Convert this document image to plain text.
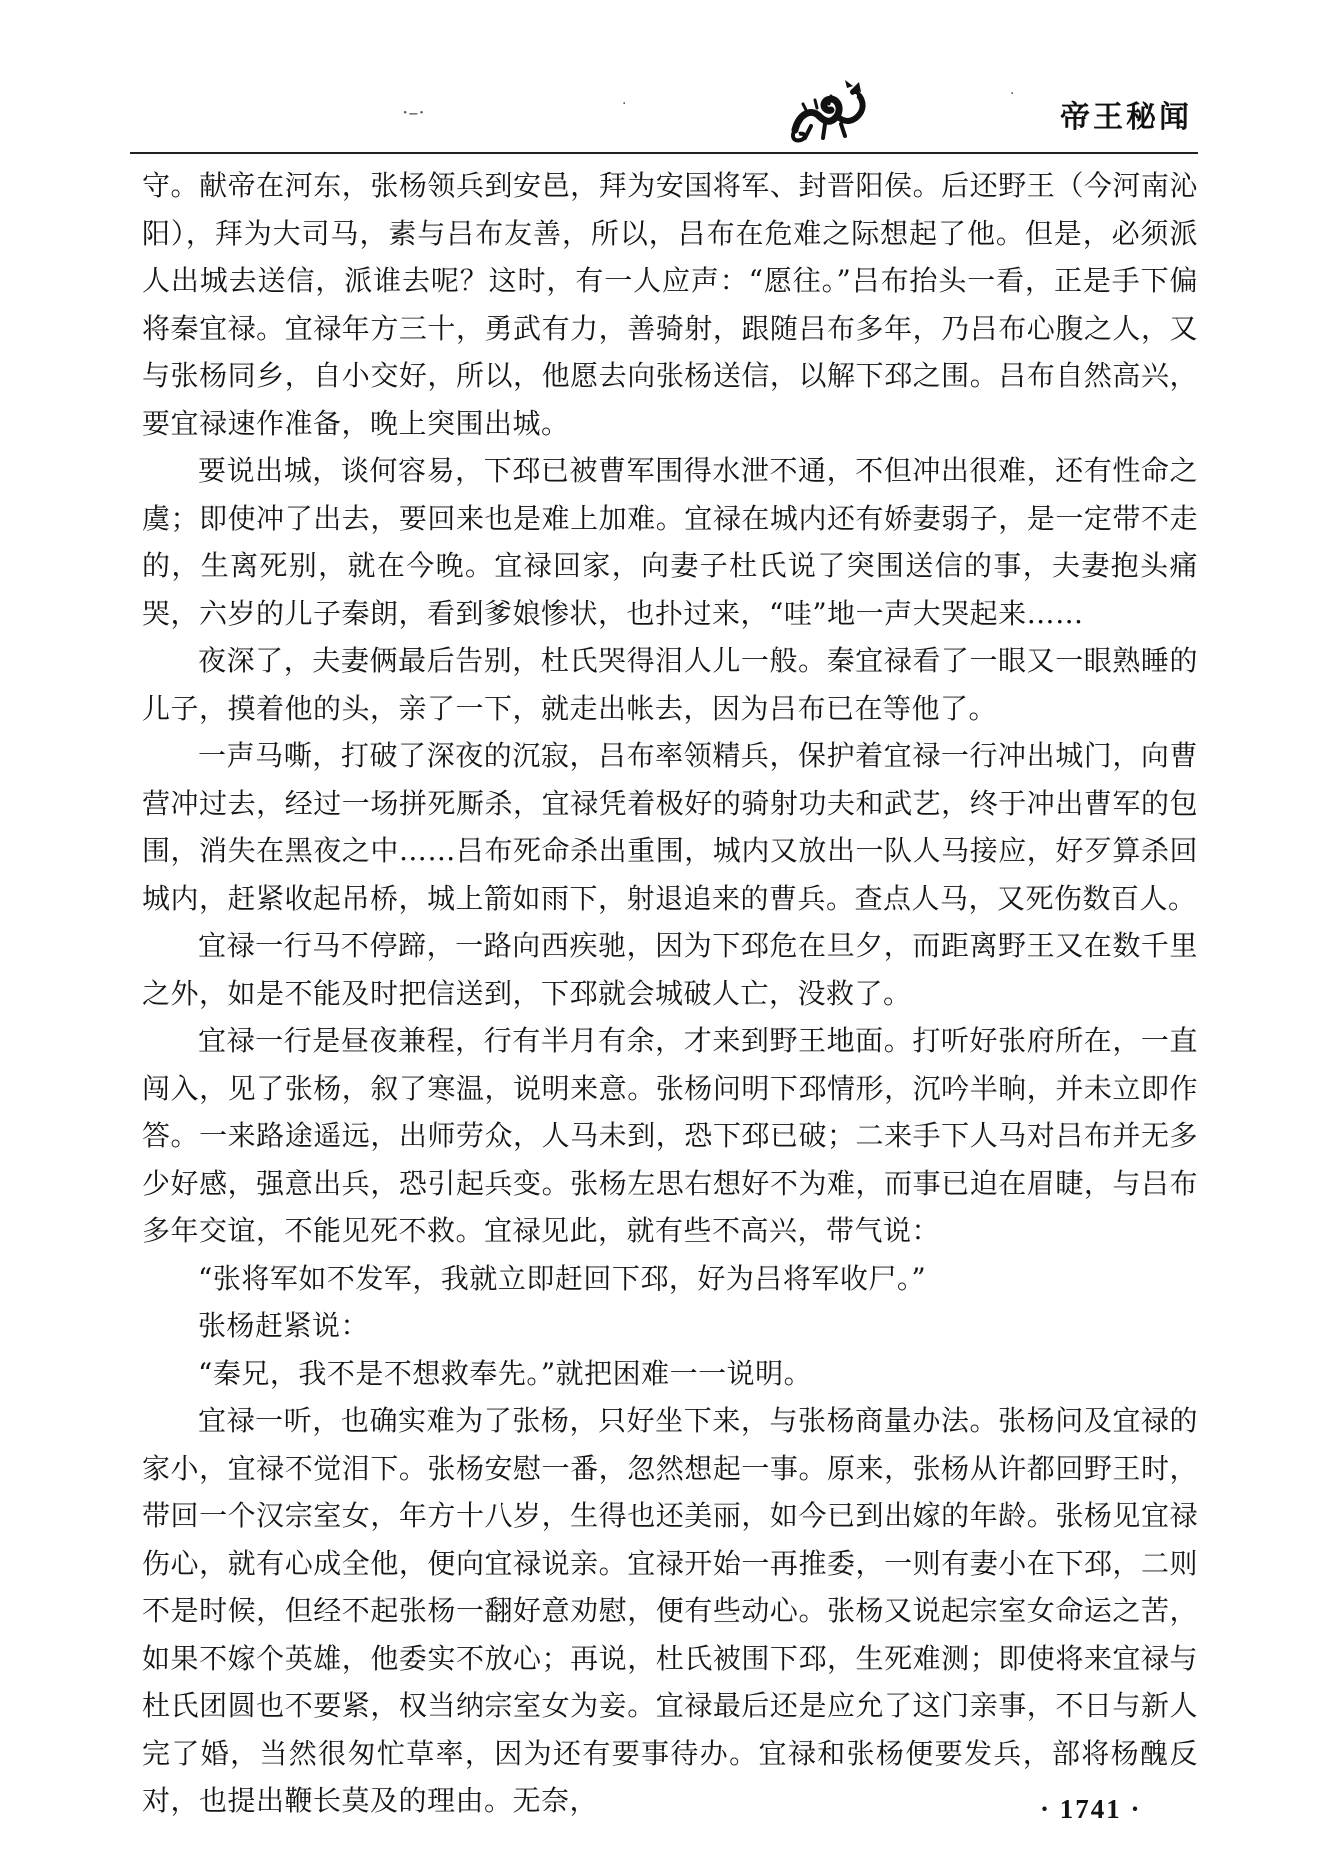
·–·	·
·
帝王秘闻

守。献帝在河东，张杨领兵到安邑，拜为安国将军、封晋阳侯。后还野王（今河南沁阳），拜为大司马，素与吕布友善，所以，吕布在危难之际想起了他。但是，必须派人出城去送信，派谁去呢？这时，有一人应声：“愿往。”吕布抬头一看，正是手下偏将秦宜禄。宜禄年方三十，勇武有力，善骑射，跟随吕布多年，乃吕布心腹之人，又与张杨同乡，自小交好，所以，他愿去向张杨送信，以解下邳之围。吕布自然高兴，要宜禄速作准备，晚上突围出城。

要说出城，谈何容易，下邳已被曹军围得水泄不通，不但冲出很难，还有性命之虞；即使冲了出去，要回来也是难上加难。宜禄在城内还有娇妻弱子，是一定带不走的，生离死别，就在今晚。宜禄回家，向妻子杜氏说了突围送信的事，夫妻抱头痛哭，六岁的儿子秦朗，看到爹娘惨状，也扑过来，“哇”地一声大哭起来……

夜深了，夫妻俩最后告别，杜氏哭得泪人儿一般。秦宜禄看了一眼又一眼熟睡的儿子，摸着他的头，亲了一下，就走出帐去，因为吕布已在等他了。

一声马嘶，打破了深夜的沉寂，吕布率领精兵，保护着宜禄一行冲出城门，向曹营冲过去，经过一场拼死厮杀，宜禄凭着极好的骑射功夫和武艺，终于冲出曹军的包围，消失在黑夜之中……吕布死命杀出重围，城内又放出一队人马接应，好歹算杀回城内，赶紧收起吊桥，城上箭如雨下，射退追来的曹兵。查点人马，又死伤数百人。

宜禄一行马不停蹄，一路向西疾驰，因为下邳危在旦夕，而距离野王又在数千里之外，如是不能及时把信送到，下邳就会城破人亡，没救了。

宜禄一行是昼夜兼程，行有半月有余，才来到野王地面。打听好张府所在，一直闯入，见了张杨，叙了寒温，说明来意。张杨问明下邳情形，沉吟半晌，并未立即作答。一来路途遥远，出师劳众，人马未到，恐下邳已破；二来手下人马对吕布并无多少好感，强意出兵，恐引起兵变。张杨左思右想好不为难，而事已迫在眉睫，与吕布多年交谊，不能见死不救。宜禄见此，就有些不高兴，带气说：

“张将军如不发军，我就立即赶回下邳，好为吕将军收尸。”

张杨赶紧说：

“秦兄，我不是不想救奉先。”就把困难一一说明。

宜禄一听，也确实难为了张杨，只好坐下来，与张杨商量办法。张杨问及宜禄的家小，宜禄不觉泪下。张杨安慰一番，忽然想起一事。原来，张杨从许都回野王时，带回一个汉宗室女，年方十八岁，生得也还美丽，如今已到出嫁的年龄。张杨见宜禄伤心，就有心成全他，便向宜禄说亲。宜禄开始一再推委，一则有妻小在下邳，二则不是时候，但经不起张杨一翻好意劝慰，便有些动心。张杨又说起宗室女命运之苦，如果不嫁个英雄，他委实不放心；再说，杜氏被围下邳，生死难测；即使将来宜禄与杜氏团圆也不要紧，权当纳宗室女为妾。宜禄最后还是应允了这门亲事，不日与新人完了婚，当然很匆忙草率，因为还有要事待办。宜禄和张杨便要发兵，部将杨醜反对，也提出鞭长莫及的理由。无奈，	· 1741 ·
